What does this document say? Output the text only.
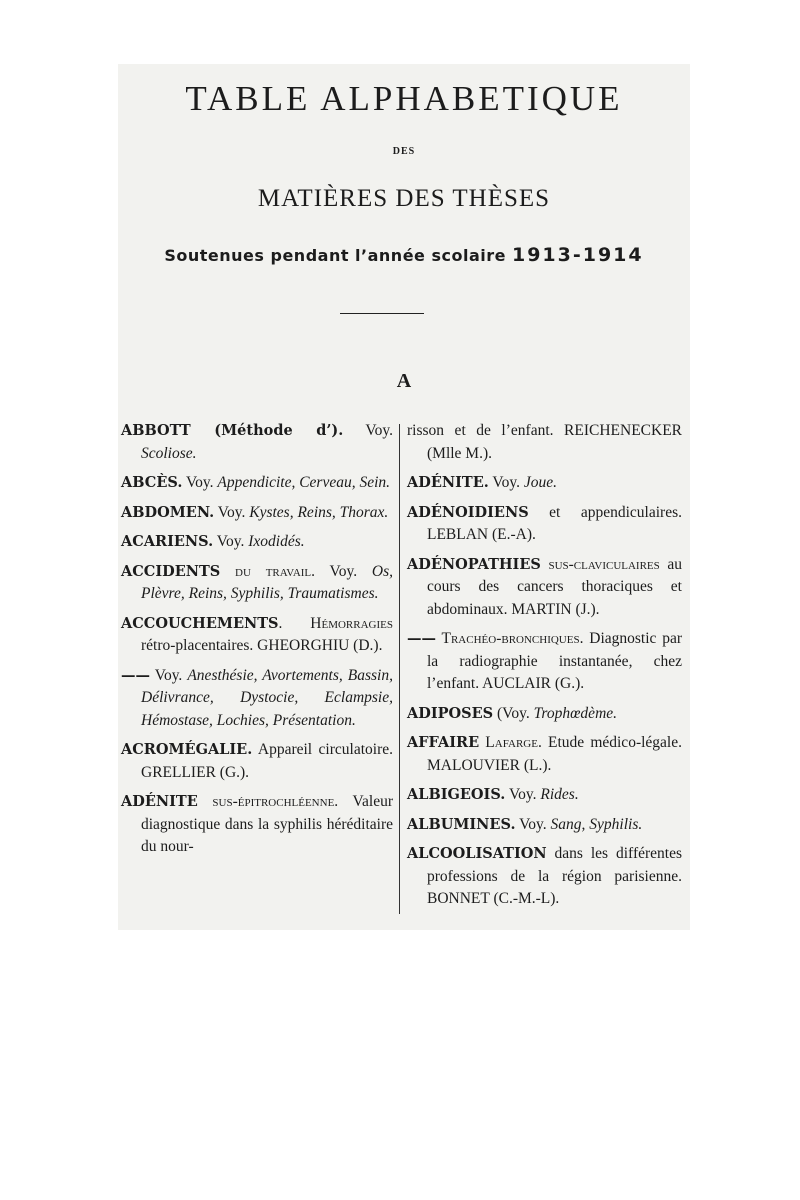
TABLE ALPHABETIQUE
DES
MATIÈRES DES THÈSES
Soutenues pendant l’année scolaire 1913-1914
A
ABBOTT (Méthode d’). Voy. Scoliose.
ABCÈS. Voy. Appendicite, Cerveau, Sein.
ABDOMEN. Voy. Kystes, Reins, Thorax.
ACARIENS. Voy. Ixodidés.
ACCIDENTS du travail. Voy. Os, Plèvre, Reins, Syphilis, Traumatismes.
ACCOUCHEMENTS. Hémorragies rétro-placentaires. GHEORGHIU (D.).
—— Voy. Anesthésie, Avortements, Bassin, Délivrance, Dystocie, Eclampsie, Hémostase, Lochies, Présentation.
ACROMÉGALIE. Appareil circulatoire. GRELLIER (G.).
ADÉNITE sus-épitrochléenne. Valeur diagnostique dans la syphilis héréditaire du nour-
risson et de l’enfant. REICHENECKER (Mlle M.).
ADÉNITE. Voy. Joue.
ADÉNOIDIENS et appendiculaires. LEBLAN (E.-A).
ADÉNOPATHIES sus-claviculaires au cours des cancers thoraciques et abdominaux. MARTIN (J.).
—— Trachéo-bronchiques. Diagnostic par la radiographie instantanée, chez l’enfant. AUCLAIR (G.).
ADIPOSES (Voy. Trophœdème.
AFFAIRE Lafarge. Etude médico-légale. MALOUVIER (L.).
ALBIGEOIS. Voy. Rides.
ALBUMINES. Voy. Sang, Syphilis.
ALCOOLISATION dans les différentes professions de la région parisienne. BONNET (C.-M.-L).
